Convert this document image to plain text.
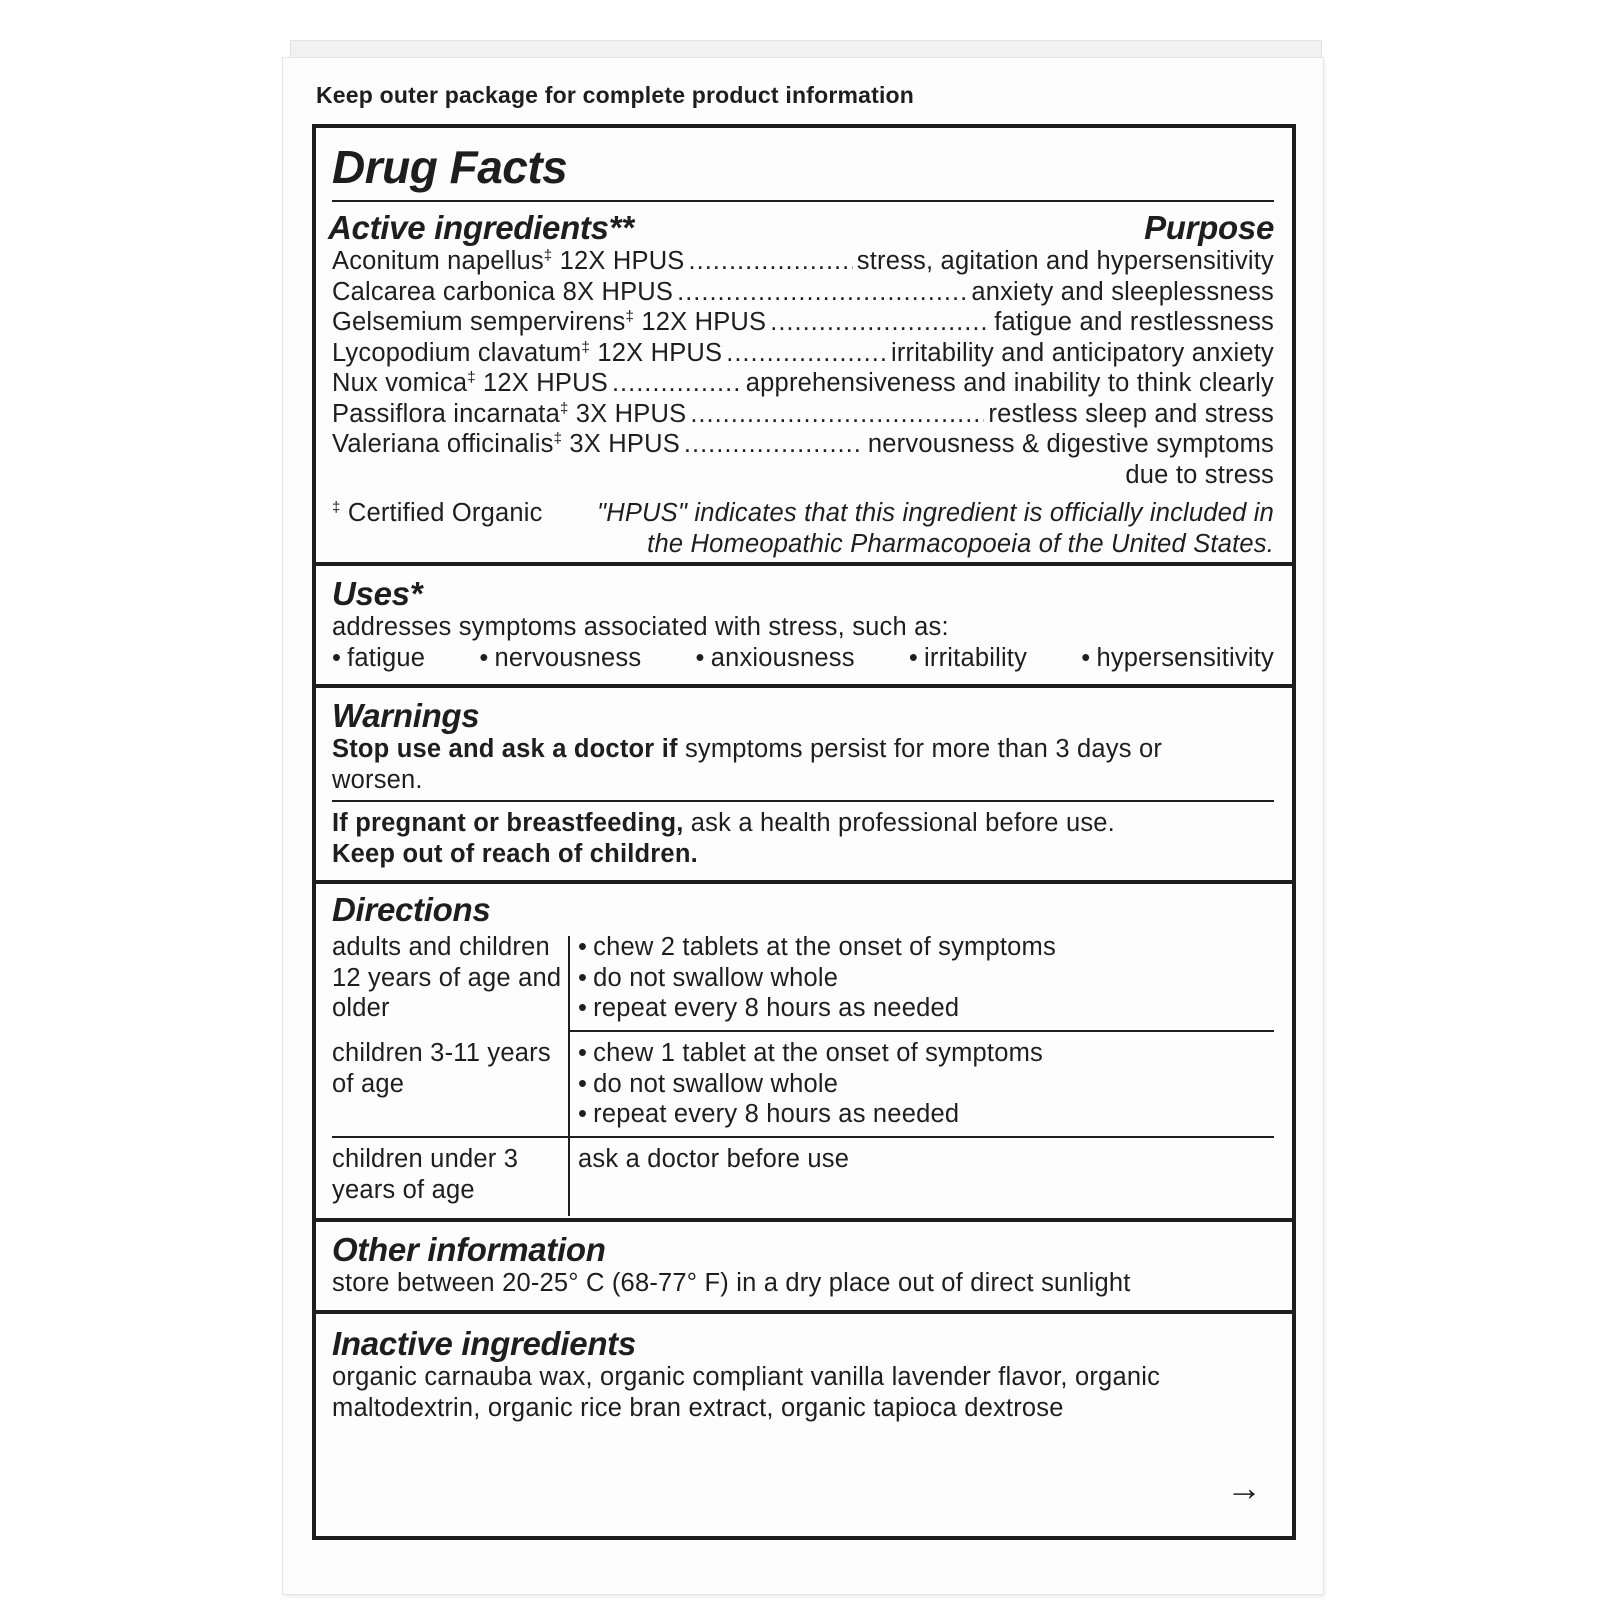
Keep outer package for complete product information
Drug Facts
Active ingredients**	Purpose
Aconitum napellus‡ 12X HPUS .....	stress, agitation and hypersensitivity
Calcarea carbonica 8X HPUS .....	anxiety and sleeplessness
Gelsemium sempervirens‡ 12X HPUS .....	fatigue and restlessness
Lycopodium clavatum‡ 12X HPUS .....	irritability and anticipatory anxiety
Nux vomica‡ 12X HPUS .....	apprehensiveness and inability to think clearly
Passiflora incarnata‡ 3X HPUS .....	restless sleep and stress
Valeriana officinalis‡ 3X HPUS .....	nervousness & digestive symptoms
due to stress
‡ Certified Organic	"HPUS" indicates that this ingredient is officially included in the Homeopathic Pharmacopoeia of the United States.
Uses*
addresses symptoms associated with stress, such as:
• fatigue	• nervousness	• anxiousness	• irritability	• hypersensitivity
Warnings
Stop use and ask a doctor if symptoms persist for more than 3 days or worsen.
If pregnant or breastfeeding, ask a health professional before use.
Keep out of reach of children.
Directions
adults and children 12 years of age and older
• chew 2 tablets at the onset of symptoms
• do not swallow whole
• repeat every 8 hours as needed
children 3-11 years of age
• chew 1 tablet at the onset of symptoms
• do not swallow whole
• repeat every 8 hours as needed
children under 3 years of age
ask a doctor before use
Other information
store between 20-25° C (68-77° F) in a dry place out of direct sunlight
Inactive ingredients
organic carnauba wax, organic compliant vanilla lavender flavor, organic maltodextrin, organic rice bran extract, organic tapioca dextrose
→
